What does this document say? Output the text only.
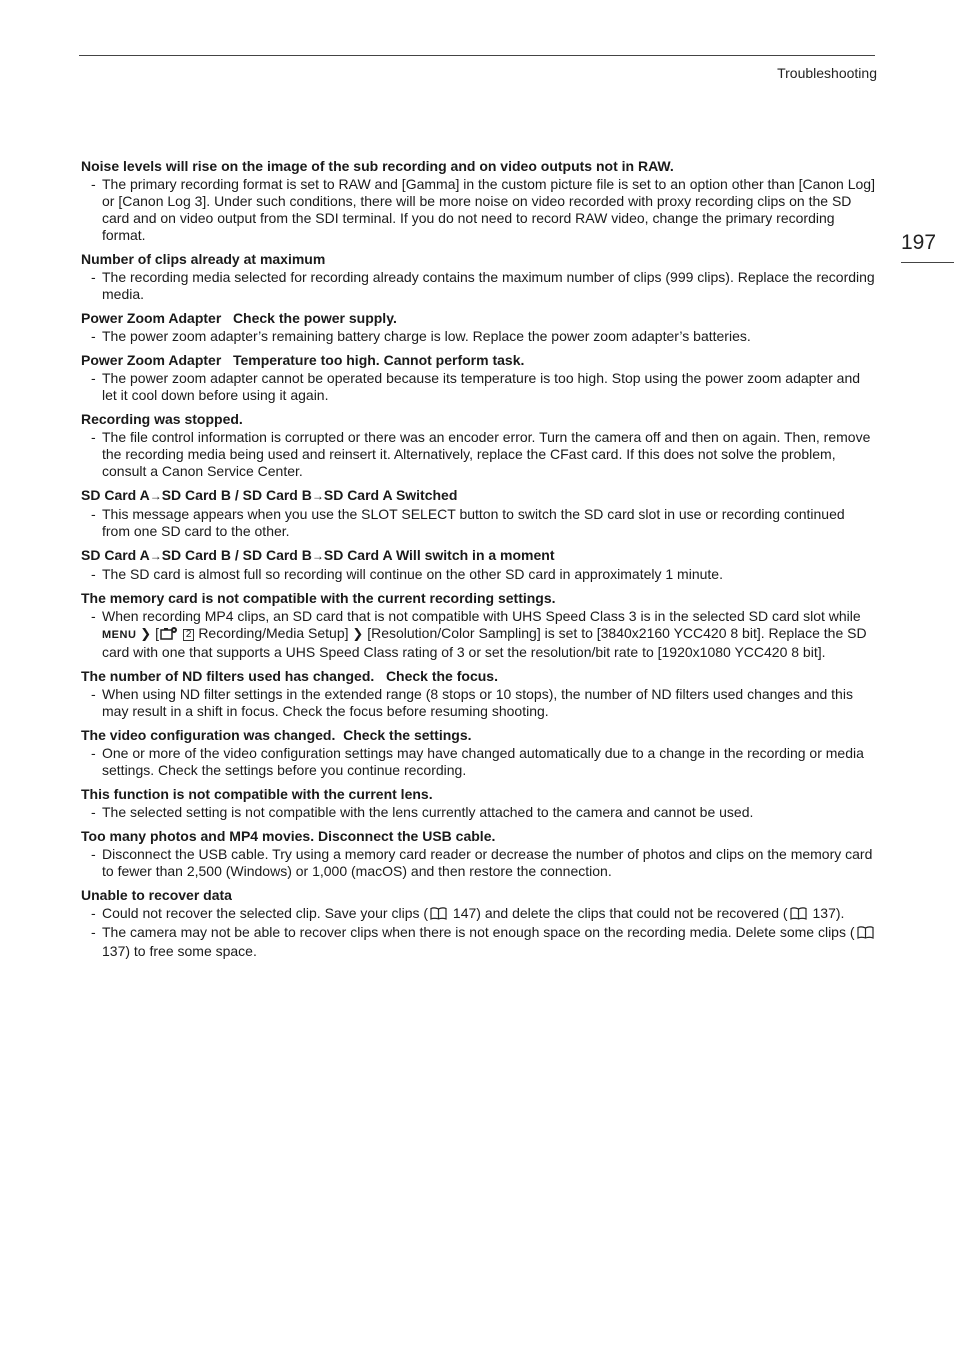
Troubleshooting
197

Noise levels will rise on the image of the sub recording and on video outputs not in RAW.

- The primary recording format is set to RAW and [Gamma] in the custom picture file is set to an option other than [Canon Log] or [Canon Log 3]. Under such conditions, there will be more noise on video recorded with proxy recording clips on the SD card and on video output from the SDI terminal. If you do not need to record RAW video, change the primary recording format.

Number of clips already at maximum

- The recording media selected for recording already contains the maximum number of clips (999 clips). Replace the recording media.

Power Zoom Adapter   Check the power supply.

- The power zoom adapter’s remaining battery charge is low. Replace the power zoom adapter’s batteries.

Power Zoom Adapter   Temperature too high. Cannot perform task.

- The power zoom adapter cannot be operated because its temperature is too high. Stop using the power zoom adapter and let it cool down before using it again.

Recording was stopped.

- The file control information is corrupted or there was an encoder error. Turn the camera off and then on again. Then, remove the recording media being used and reinsert it. Alternatively, replace the CFast card. If this does not solve the problem, consult a Canon Service Center.

SD Card A→SD Card B / SD Card B→SD Card A Switched

- This message appears when you use the SLOT SELECT button to switch the SD card slot in use or recording continued from one SD card to the other.

SD Card A→SD Card B / SD Card B→SD Card A Will switch in a moment

- The SD card is almost full so recording will continue on the other SD card in approximately 1 minute.

The memory card is not compatible with the current recording settings.

- When recording MP4 clips, an SD card that is not compatible with UHS Speed Class 3 is in the selected SD card slot while MENU ❯ [	2 Recording/Media Setup] ❯ [Resolution/Color Sampling] is set to [3840x2160 YCC420 8 bit]. Replace the SD card with one that supports a UHS Speed Class rating of 3 or set the resolution/bit rate to [1920x1080 YCC420 8 bit].

The number of ND filters used has changed.   Check the focus.

- When using ND filter settings in the extended range (8 stops or 10 stops), the number of ND filters used changes and this may result in a shift in focus. Check the focus before resuming shooting.

The video configuration was changed.  Check the settings.

- One or more of the video configuration settings may have changed automatically due to a change in the recording or media settings. Check the settings before you continue recording.

This function is not compatible with the current lens.

- The selected setting is not compatible with the lens currently attached to the camera and cannot be used.

Too many photos and MP4 movies. Disconnect the USB cable.

- Disconnect the USB cable. Try using a memory card reader or decrease the number of photos and clips on the memory card to fewer than 2,500 (Windows) or 1,000 (macOS) and then restore the connection.

Unable to recover data

- Could not recover the selected clip. Save your clips ( 147) and delete the clips that could not be recovered ( 137).

- The camera may not be able to recover clips when there is not enough space on the recording media. Delete some clips ( 137) to free some space.
